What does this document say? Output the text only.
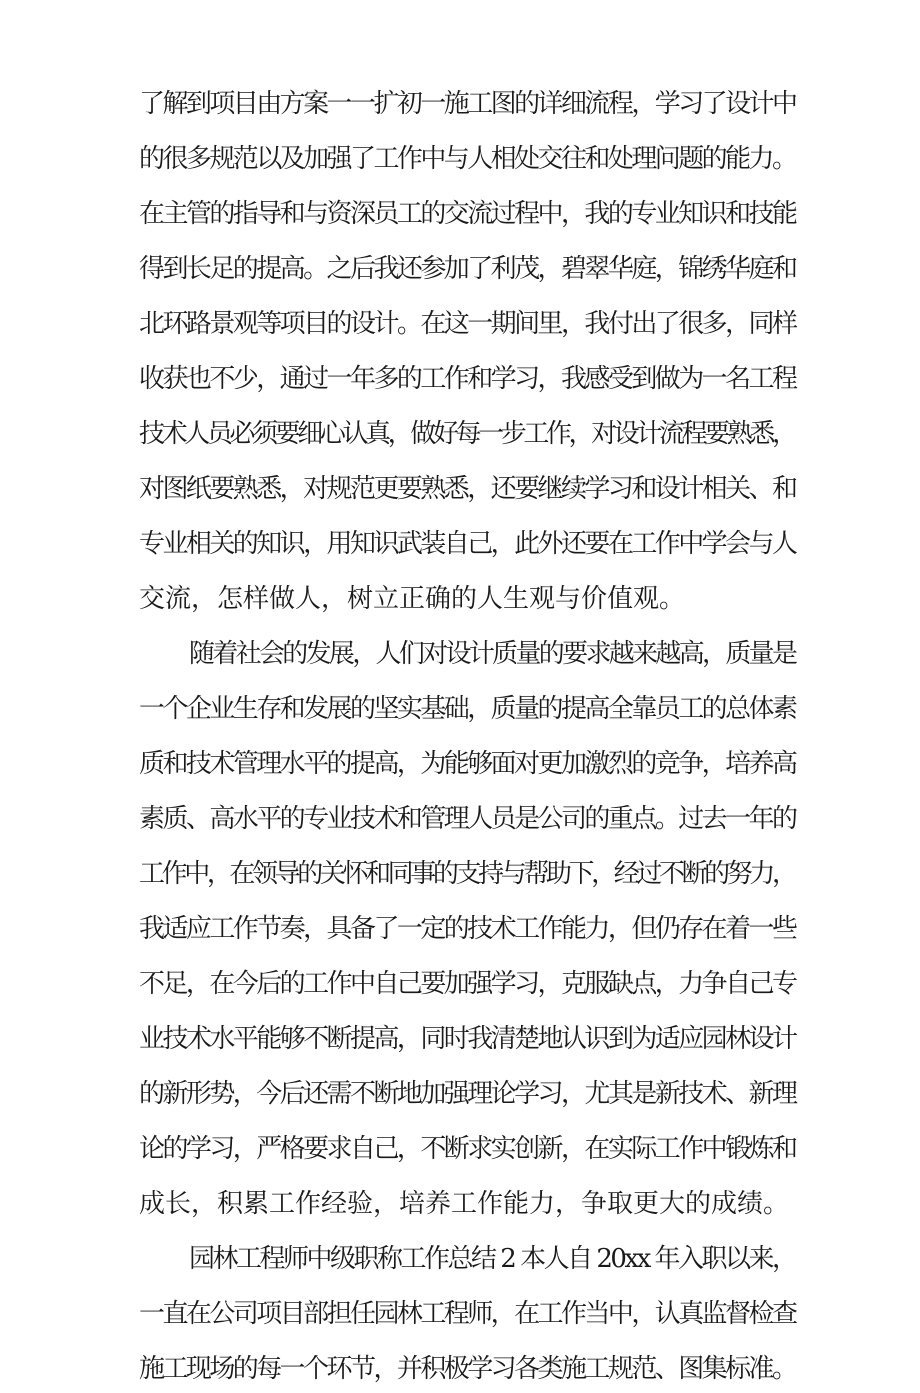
了解到项目由方案一一扩初一施工图的详细流程，学习了设计中
的很多规范以及加强了工作中与人相处交往和处理问题的能力。
在主管的指导和与资深员工的交流过程中，我的专业知识和技能
得到长足的提高。之后我还参加了利茂，碧翠华庭，锦绣华庭和
北环路景观等项目的设计。在这一期间里，我付出了很多，同样
收获也不少，通过一年多的工作和学习，我感受到做为一名工程
技术人员必须要细心认真，做好每一步工作，对设计流程要熟悉，
对图纸要熟悉，对规范更要熟悉，还要继续学习和设计相关、和
专业相关的知识，用知识武装自己，此外还要在工作中学会与人
交流，怎样做人，树立正确的人生观与价值观。
随着社会的发展，人们对设计质量的要求越来越高，质量是
一个企业生存和发展的坚实基础，质量的提高全靠员工的总体素
质和技术管理水平的提高，为能够面对更加激烈的竞争，培养高
素质、高水平的专业技术和管理人员是公司的重点。过去一年的
工作中，在领导的关怀和同事的支持与帮助下，经过不断的努力，
我适应工作节奏，具备了一定的技术工作能力，但仍存在着一些
不足，在今后的工作中自己要加强学习，克服缺点，力争自己专
业技术水平能够不断提高，同时我清楚地认识到为适应园林设计
的新形势，今后还需不断地加强理论学习，尤其是新技术、新理
论的学习，严格要求自己，不断求实创新，在实际工作中锻炼和
成长，积累工作经验，培养工作能力，争取更大的成绩。
园林工程师中级职称工作总结 2 本人自 20xx 年入职以来，
一直在公司项目部担任园林工程师，在工作当中，认真监督检查
施工现场的每一个环节，并积极学习各类施工规范、图集标准。
